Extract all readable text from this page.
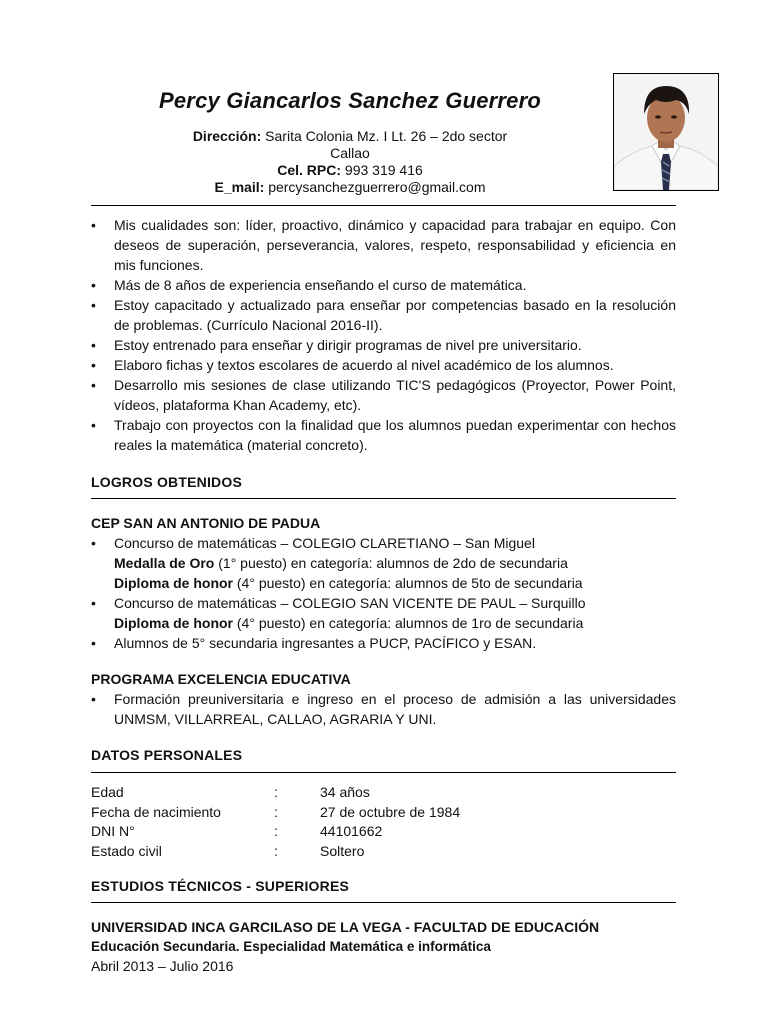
Percy Giancarlos Sanchez Guerrero
Dirección: Sarita Colonia Mz. I Lt. 26 – 2do sector
Callao
Cel. RPC: 993 319 416
E_mail: percysanchezguerrero@gmail.com
•	Mis cualidades son: líder, proactivo, dinámico y capacidad para trabajar en equipo. Con deseos de superación, perseverancia, valores, respeto, responsabilidad y eficiencia en mis funciones.
•	Más de 8 años de experiencia enseñando el curso de matemática.
•	Estoy capacitado y actualizado para enseñar por competencias basado en la resolución de problemas. (Currículo Nacional 2016-II).
•	Estoy entrenado para enseñar y dirigir programas de nivel pre universitario.
•	Elaboro fichas y textos escolares de acuerdo al nivel académico de los alumnos.
•	Desarrollo mis sesiones de clase utilizando TIC'S pedagógicos (Proyector, Power Point, vídeos, plataforma Khan Academy, etc).
•	Trabajo con proyectos con la finalidad que los alumnos puedan experimentar con hechos reales la matemática (material concreto).
LOGROS OBTENIDOS
CEP SAN AN ANTONIO DE PADUA
•	Concurso de matemáticas – COLEGIO CLARETIANO – San Miguel
Medalla de Oro (1° puesto) en categoría: alumnos de 2do de secundaria
Diploma de honor (4° puesto) en categoría: alumnos de 5to de secundaria
•	Concurso de matemáticas – COLEGIO SAN VICENTE DE PAUL – Surquillo
Diploma de honor (4° puesto) en categoría: alumnos de 1ro de secundaria
•	Alumnos de 5° secundaria ingresantes a PUCP, PACÍFICO y ESAN.
PROGRAMA EXCELENCIA EDUCATIVA
•	Formación preuniversitaria e ingreso en el proceso de admisión a las universidades UNMSM, VILLARREAL, CALLAO, AGRARIA Y UNI.
DATOS PERSONALES
Edad	:	34 años
Fecha de nacimiento	:	27 de octubre de 1984
DNI N°	:	44101662
Estado civil	:	Soltero
ESTUDIOS TÉCNICOS - SUPERIORES
UNIVERSIDAD INCA GARCILASO DE LA VEGA - FACULTAD DE EDUCACIÓN
Educación Secundaria. Especialidad Matemática e informática
Abril 2013 – Julio 2016
